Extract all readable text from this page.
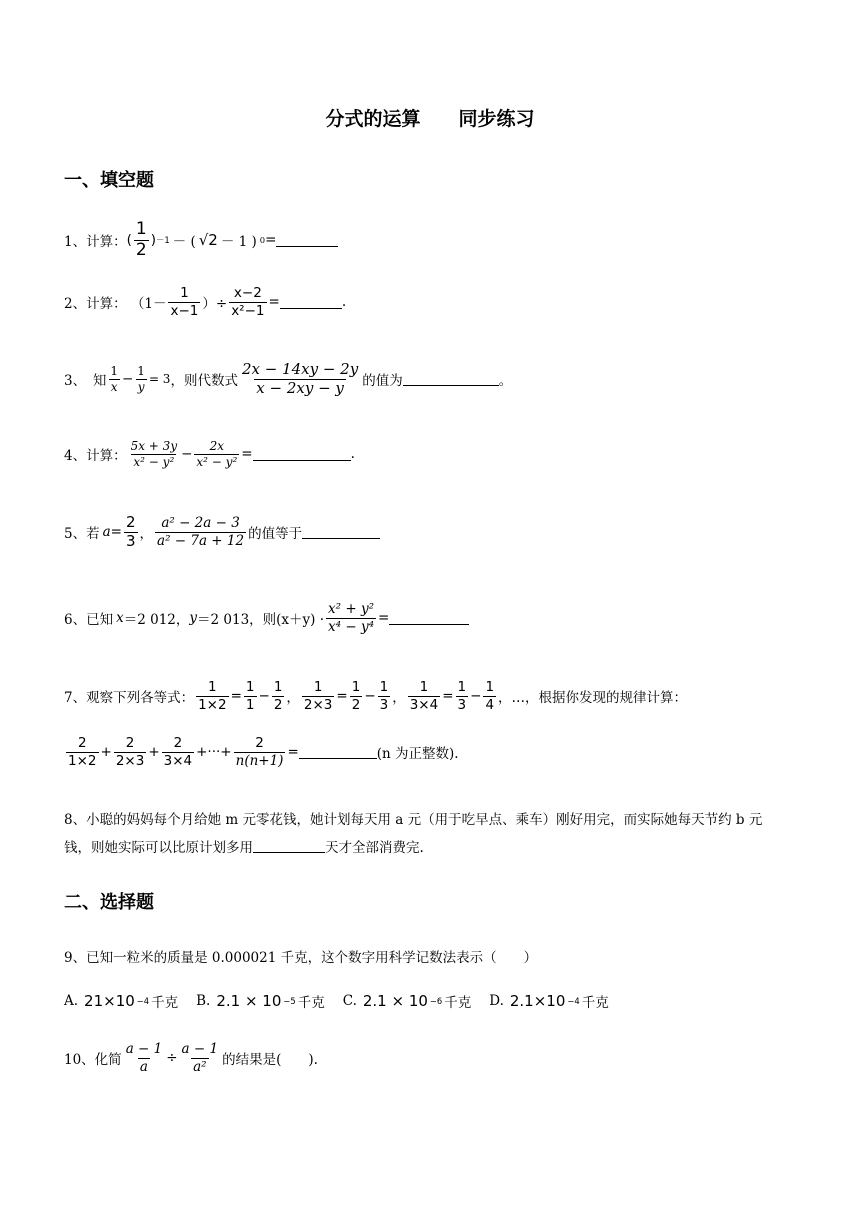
分式的运算　　同步练习
一、填空题
1、计算： ( $\frac{1}{2}$ ) －1 － ( √2 － 1 ) 0 =
2、计算： （$1- \frac{1}{x-1}$ ）÷ $\frac{x-2}{\text{x²−1}}$ =	.
3、　知 $\frac{1}{x} - \frac{1}{y} = 3$ ，则代数式 $\frac{2x - 14xy - 2y}{x - 2xy - y}$ 的值为	。
4、计算： $\frac{5x + 3y}{\text{x² − y²}} - \frac{2x}{\text{x² − y²}}$ =	.
5、若 $a = \frac{2}{3}$ ， $\frac{\text{a² − 2a − 3}}{\text{a² − 7a + 12}}$ 的值等于
6、已知 x ＝2 012， y ＝2 013，则$(x+y) \cdot \frac{\text{x² + y²}}{\text{x⁴ − y⁴}}$ =
7、观察下列各等式： $\frac{1}{1\times 2} = \frac{1}{1} - \frac{1}{2}$ ， $\frac{1}{2\times 3} = \frac{1}{2} - \frac{1}{3}$ ， $\frac{1}{3\times 4} = \frac{1}{3} - \frac{1}{4}$ ，…，根据你发现的规律计算：
$\frac{2}{1\times 2} + \frac{2}{2\times 3} + \frac{2}{3\times 4}$ +···+ $\frac{2}{n(n+1)}$ =	(n 为正整数).
8、小聪的妈妈每个月给她 m 元零花钱，她计划每天用 a 元（用于吃早点、乘车）刚好用完，而实际她每天节约 b 元
钱，则她实际可以比原计划多用	天才全部消费完.
二、选择题
9、已知一粒米的质量是 0.000021 千克，这个数字用科学记数法表示（　　）
A. 21×10 −4 千克 B. 2.1 × 10 −5 千克 C. 2.1 × 10 −6 千克 D. 2.1×10 −4 千克
10、化简 $\frac{a - 1}{a} \div \frac{a - 1}{\text{a²}}$ 的结果是(　　).
